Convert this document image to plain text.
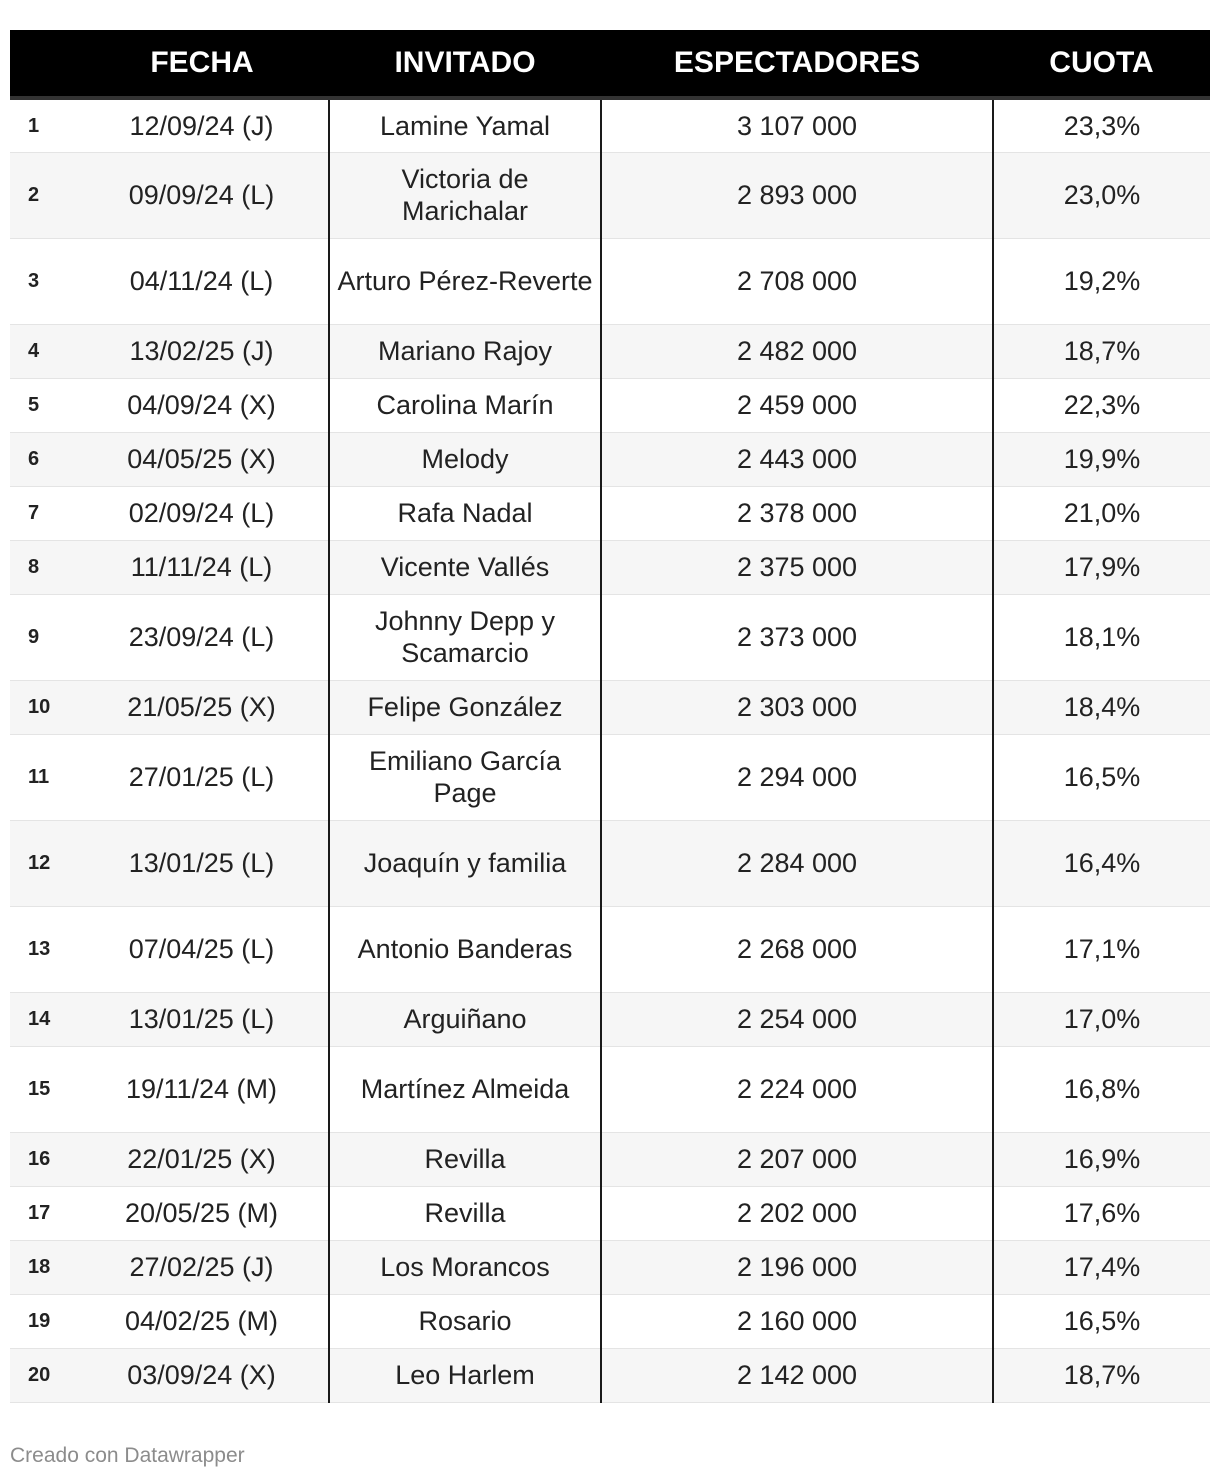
	FECHA	INVITADO	ESPECTADORES	CUOTA
1	12/09/24 (J)	Lamine Yamal	3 107 000	23,3%
2	09/09/24 (L)	Victoria de Marichalar	2 893 000	23,0%
3	04/11/24 (L)	Arturo Pérez-Reverte	2 708 000	19,2%
4	13/02/25 (J)	Mariano Rajoy	2 482 000	18,7%
5	04/09/24 (X)	Carolina Marín	2 459 000	22,3%
6	04/05/25 (X)	Melody	2 443 000	19,9%
7	02/09/24 (L)	Rafa Nadal	2 378 000	21,0%
8	11/11/24 (L)	Vicente Vallés	2 375 000	17,9%
9	23/09/24 (L)	Johnny Depp y Scamarcio	2 373 000	18,1%
10	21/05/25 (X)	Felipe González	2 303 000	18,4%
11	27/01/25 (L)	Emiliano García Page	2 294 000	16,5%
12	13/01/25 (L)	Joaquín y familia	2 284 000	16,4%
13	07/04/25 (L)	Antonio Banderas	2 268 000	17,1%
14	13/01/25 (L)	Arguiñano	2 254 000	17,0%
15	19/11/24 (M)	Martínez Almeida	2 224 000	16,8%
16	22/01/25 (X)	Revilla	2 207 000	16,9%
17	20/05/25 (M)	Revilla	2 202 000	17,6%
18	27/02/25 (J)	Los Morancos	2 196 000	17,4%
19	04/02/25 (M)	Rosario	2 160 000	16,5%
20	03/09/24 (X)	Leo Harlem	2 142 000	18,7%
Creado con Datawrapper
